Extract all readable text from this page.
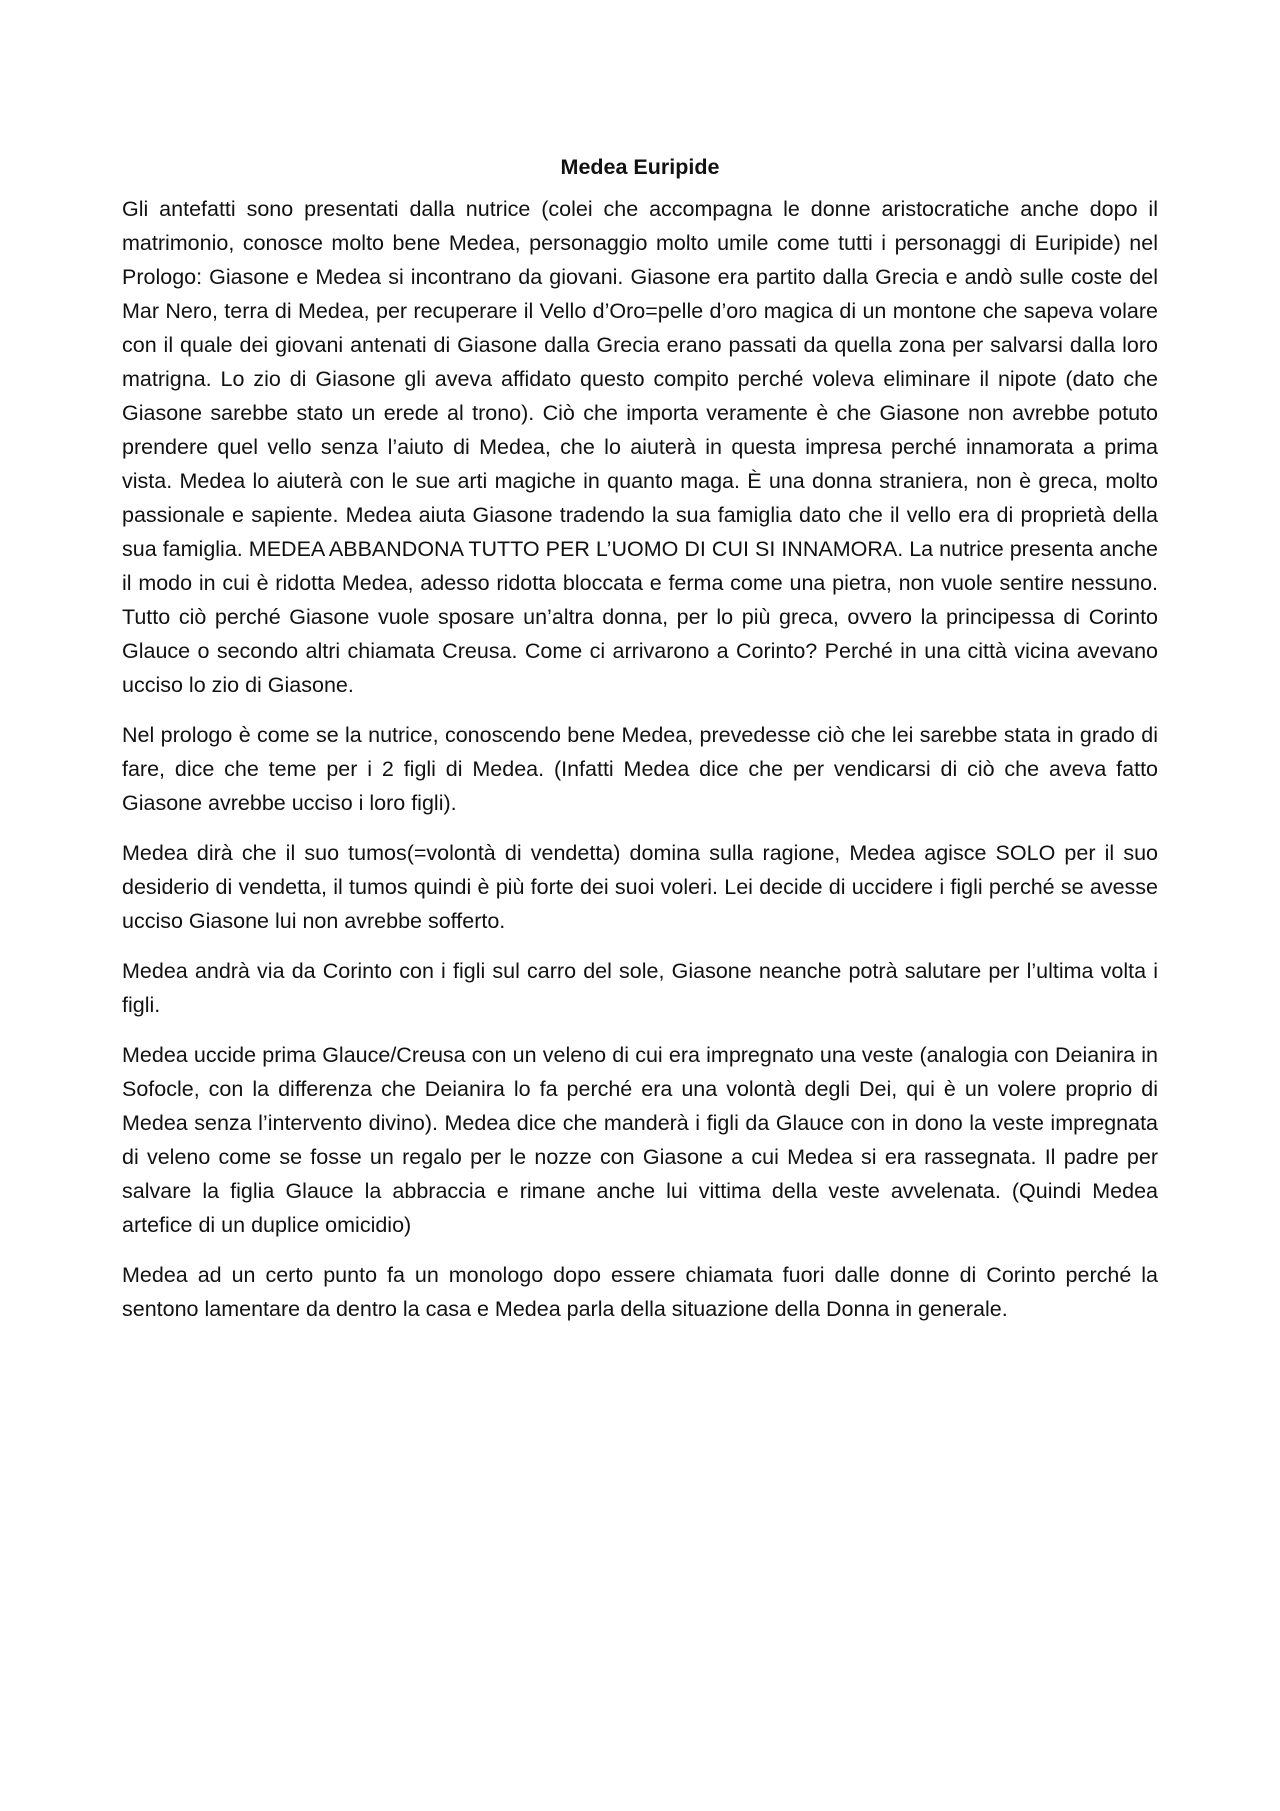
Medea Euripide

Gli antefatti sono presentati dalla nutrice (colei che accompagna le donne aristocratiche anche dopo il matrimonio, conosce molto bene Medea, personaggio molto umile come tutti i personaggi di Euripide) nel Prologo: Giasone e Medea si incontrano da giovani. Giasone era partito dalla Grecia e andò sulle coste del Mar Nero, terra di Medea, per recuperare il Vello d’Oro=pelle d’oro magica di un montone che sapeva volare con il quale dei giovani antenati di Giasone dalla Grecia erano passati da quella zona per salvarsi dalla loro matrigna. Lo zio di Giasone gli aveva affidato questo compito perché voleva eliminare il nipote (dato che Giasone sarebbe stato un erede al trono). Ciò che importa veramente è che Giasone non avrebbe potuto prendere quel vello senza l’aiuto di Medea, che lo aiuterà in questa impresa perché innamorata a prima vista. Medea lo aiuterà con le sue arti magiche in quanto maga. È una donna straniera, non è greca, molto passionale e sapiente. Medea aiuta Giasone tradendo la sua famiglia dato che il vello era di proprietà della sua famiglia. MEDEA ABBANDONA TUTTO PER L’UOMO DI CUI SI INNAMORA. La nutrice presenta anche il modo in cui è ridotta Medea, adesso ridotta bloccata e ferma come una pietra, non vuole sentire nessuno. Tutto ciò perché Giasone vuole sposare un’altra donna, per lo più greca, ovvero la principessa di Corinto Glauce o secondo altri chiamata Creusa. Come ci arrivarono a Corinto? Perché in una città vicina avevano ucciso lo zio di Giasone.

Nel prologo è come se la nutrice, conoscendo bene Medea, prevedesse ciò che lei sarebbe stata in grado di fare, dice che teme per i 2 figli di Medea. (Infatti Medea dice che per vendicarsi di ciò che aveva fatto Giasone avrebbe ucciso i loro figli).

Medea dirà che il suo tumos(=volontà di vendetta) domina sulla ragione, Medea agisce SOLO per il suo desiderio di vendetta, il tumos quindi è più forte dei suoi voleri. Lei decide di uccidere i figli perché se avesse ucciso Giasone lui non avrebbe sofferto.

Medea andrà via da Corinto con i figli sul carro del sole, Giasone neanche potrà salutare per l’ultima volta i figli.

Medea uccide prima Glauce/Creusa con un veleno di cui era impregnato una veste (analogia con Deianira in Sofocle, con la differenza che Deianira lo fa perché era una volontà degli Dei, qui è un volere proprio di Medea senza l’intervento divino). Medea dice che manderà i figli da Glauce con in dono la veste impregnata di veleno come se fosse un regalo per le nozze con Giasone a cui Medea si era rassegnata. Il padre per salvare la figlia Glauce la abbraccia e rimane anche lui vittima della veste avvelenata. (Quindi Medea artefice di un duplice omicidio)

Medea ad un certo punto fa un monologo dopo essere chiamata fuori dalle donne di Corinto perché la sentono lamentare da dentro la casa e Medea parla della situazione della Donna in generale.
